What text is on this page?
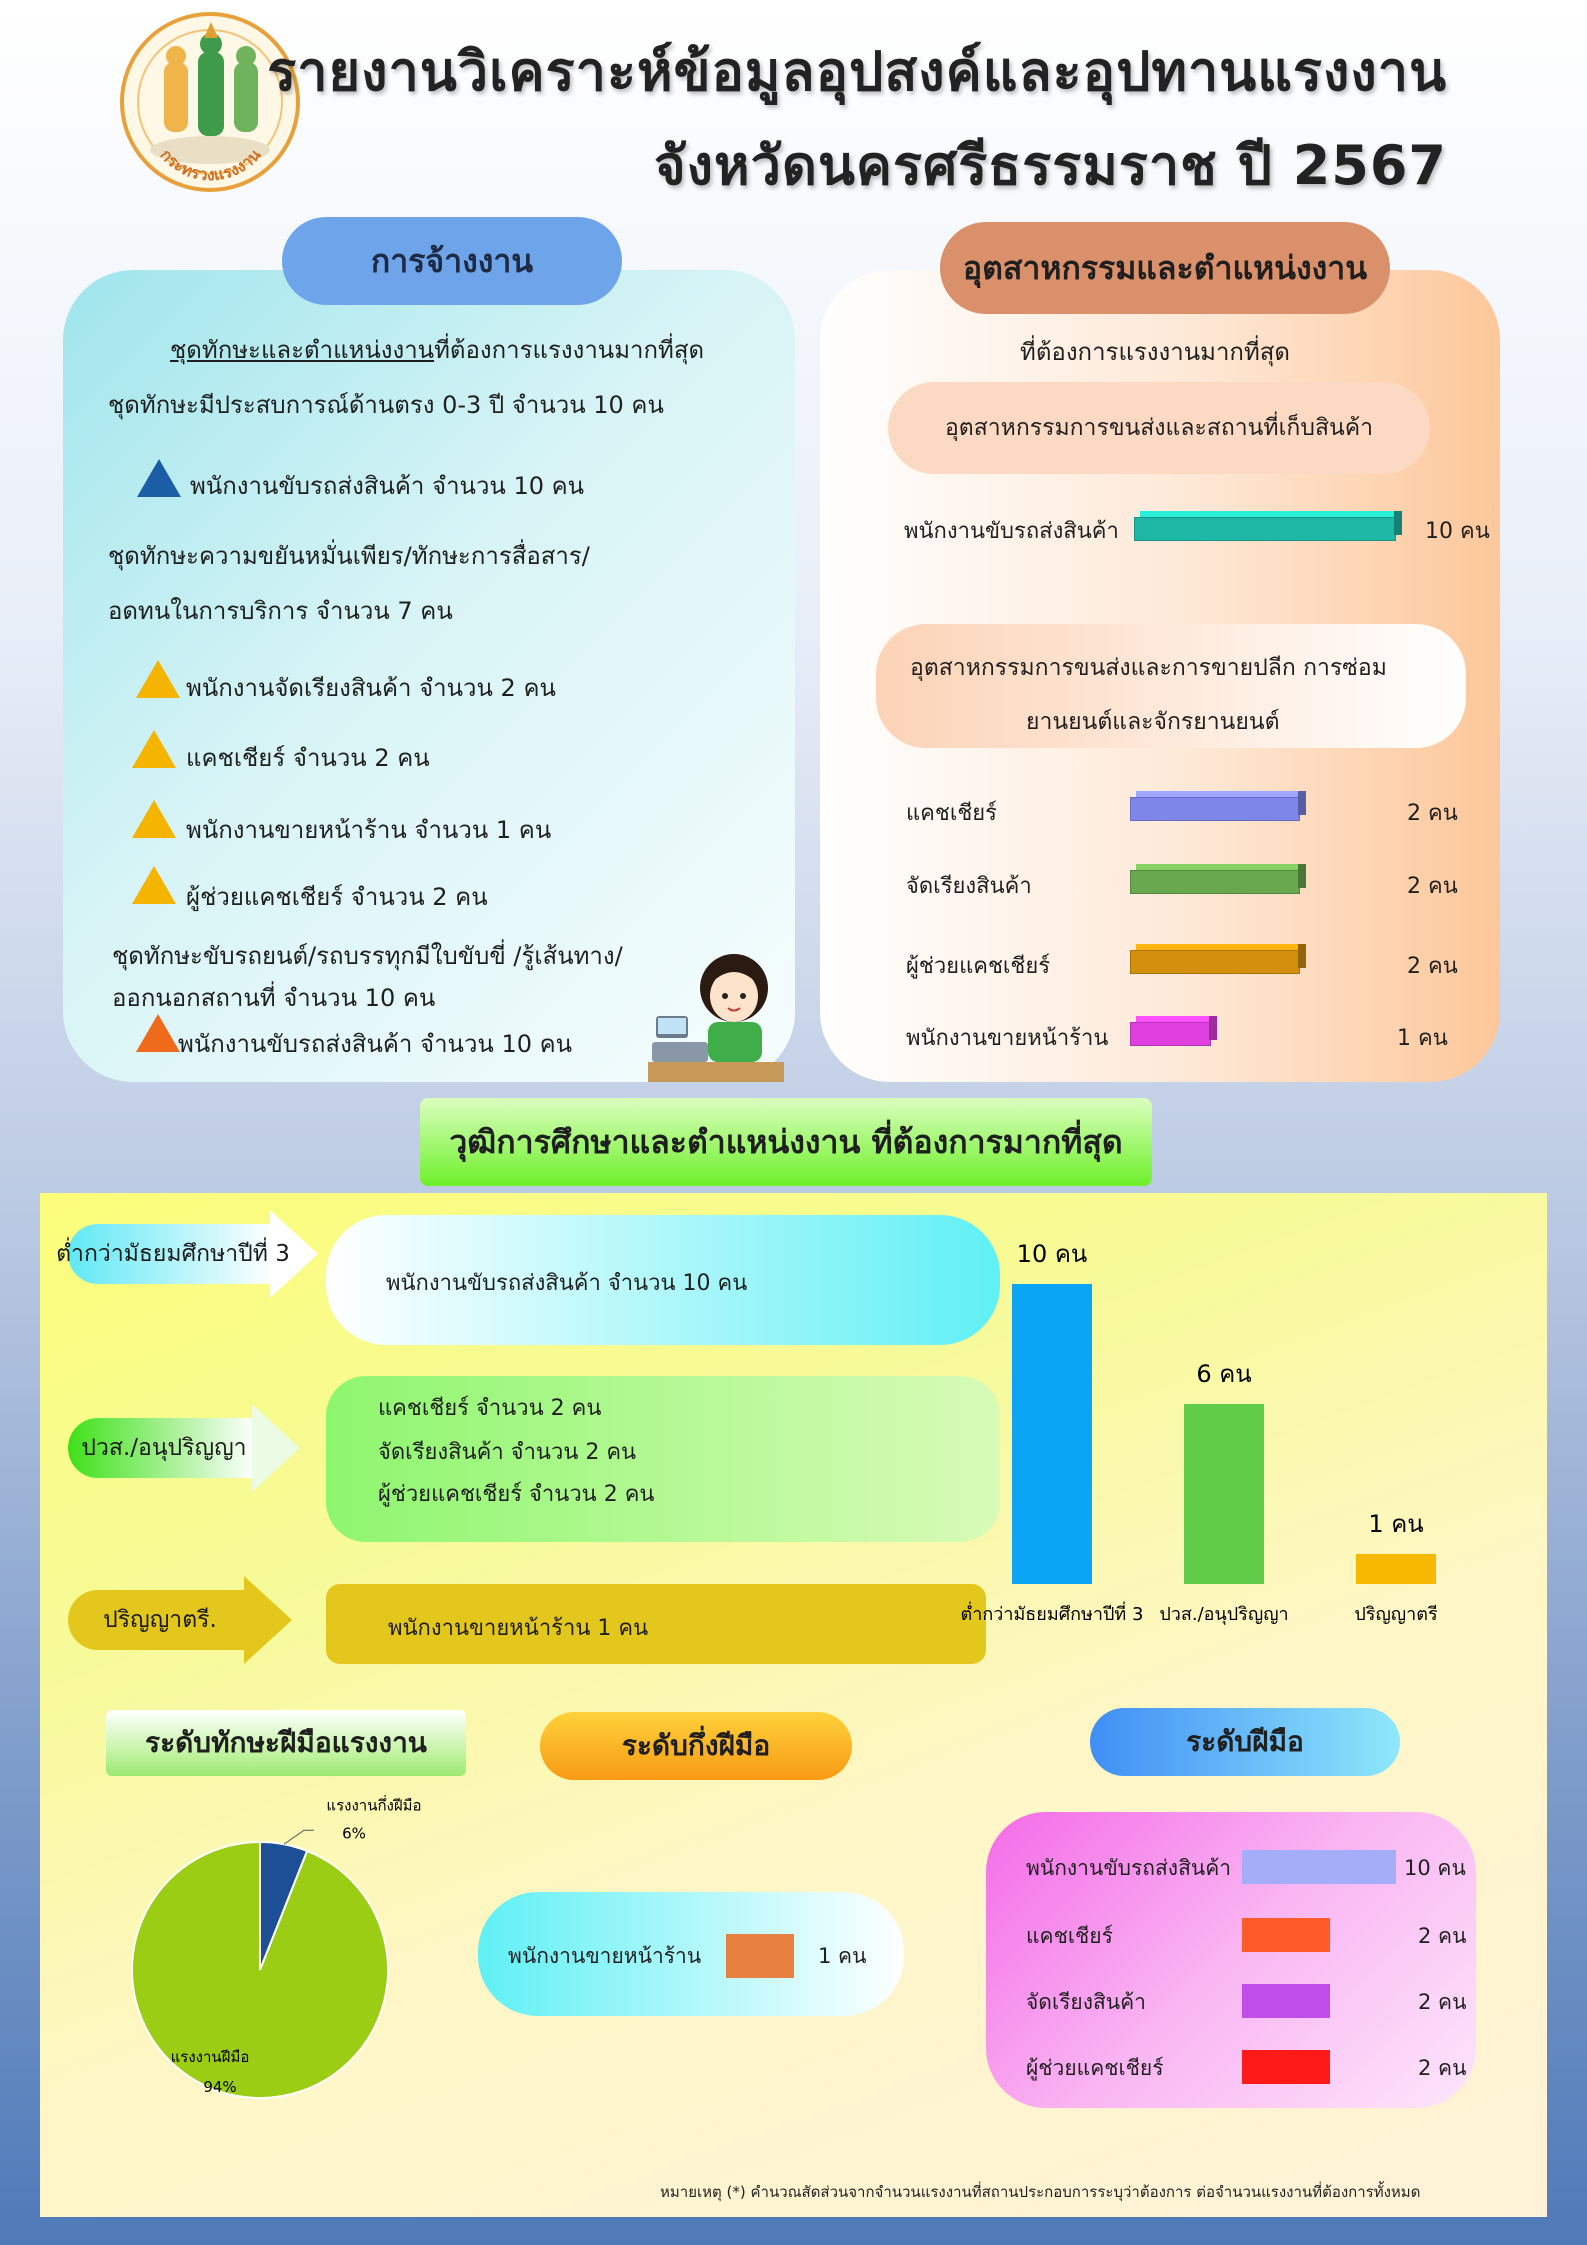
กระทรวงแรงงาน
รายงานวิเคราะห์ข้อมูลอุปสงค์และอุปทานแรงงาน
จังหวัดนครศรีธรรมราช ปี 2567
การจ้างงาน
ชุดทักษะและตำแหน่งงานที่ต้องการแรงงานมากที่สุด
ชุดทักษะมีประสบการณ์ด้านตรง 0-3 ปี จำนวน 10 คน
พนักงานขับรถส่งสินค้า จำนวน 10 คน
ชุดทักษะความขยันหมั่นเพียร/ทักษะการสื่อสาร/
อดทนในการบริการ จำนวน 7 คน
พนักงานจัดเรียงสินค้า จำนวน 2 คน
แคชเชียร์ จำนวน 2 คน
พนักงานขายหน้าร้าน จำนวน 1 คน
ผู้ช่วยแคชเชียร์ จำนวน 2 คน
ชุดทักษะขับรถยนต์/รถบรรทุกมีใบขับขี่ /รู้เส้นทาง/
ออกนอกสถานที่ จำนวน 10 คน
พนักงานขับรถส่งสินค้า จำนวน 10 คน
อุตสาหกรรมและตำแหน่งงาน
ที่ต้องการแรงงานมากที่สุด
อุตสาหกรรมการขนส่งและสถานที่เก็บสินค้า
พนักงานขับรถส่งสินค้า	10 คน
อุตสาหกรรมการขนส่งและการขายปลีก การซ่อม
ยานยนต์และจักรยานยนต์
แคชเชียร์	2 คน
จัดเรียงสินค้า	2 คน
ผู้ช่วยแคชเชียร์	2 คน
พนักงานขายหน้าร้าน	1 คน
วุฒิการศึกษาและตำแหน่งงาน ที่ต้องการมากที่สุด
ต่ำกว่ามัธยมศึกษาปีที่ 3
ปวส./อนุปริญญา
ปริญญาตรี.
พนักงานขับรถส่งสินค้า จำนวน 10 คน
แคชเชียร์ จำนวน 2 คน
จัดเรียงสินค้า จำนวน 2 คน
ผู้ช่วยแคชเชียร์ จำนวน 2 คน
พนักงานขายหน้าร้าน 1 คน
10 คน
ต่ำกว่ามัธยมศึกษาปีที่ 3
6 คน
ปวส./อนุปริญญา
1 คน
ปริญญาตรี
ระดับทักษะฝีมือแรงงาน
แรงงานกึ่งฝีมือ
6%
แรงงานฝีมือ
94%
ระดับกึ่งฝีมือ
พนักงานขายหน้าร้าน	1 คน
ระดับฝีมือ
พนักงานขับรถส่งสินค้า	10 คน
แคชเชียร์	2 คน
จัดเรียงสินค้า	2 คน
ผู้ช่วยแคชเชียร์	2 คน
หมายเหตุ (*) คำนวณสัดส่วนจากจำนวนแรงงานที่สถานประกอบการระบุว่าต้องการ ต่อจำนวนแรงงานที่ต้องการทั้งหมด
